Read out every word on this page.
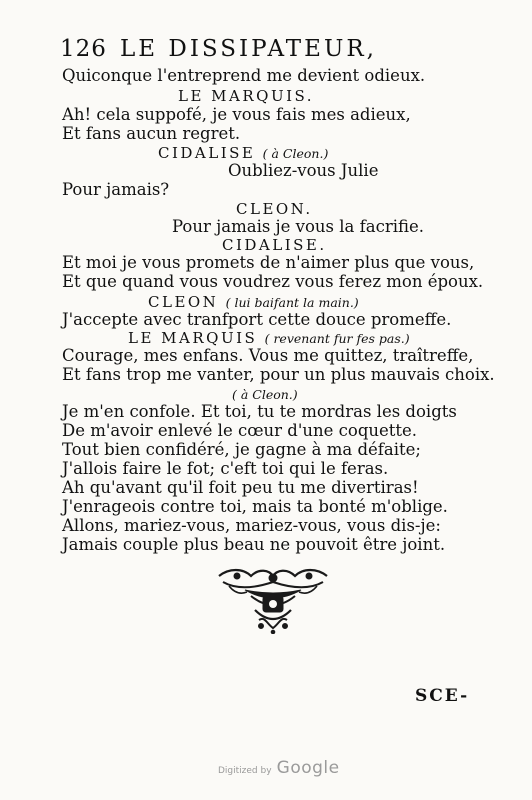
126 LE DISSIPATEUR,
Quiconque l'entreprend me devient odieux.
LE MARQUIS.
Ah! cela suppofé, je vous fais mes adieux,
Et fans aucun regret.
CIDALISE ( à Cleon.)
Oubliez-vous Julie
Pour jamais?
CLEON.
Pour jamais je vous la facrifie.
CIDALISE.
Et moi je vous promets de n'aimer plus que vous,
Et que quand vous voudrez vous ferez mon époux.
CLEON ( lui baifant la main.)
J'accepte avec tranfport cette douce promeffe.
LE MARQUIS ( revenant fur fes pas.)
Courage, mes enfans. Vous me quittez, traîtreffe,
Et fans trop me vanter, pour un plus mauvais choix.
( à Cleon.)
Je m'en confole. Et toi, tu te mordras les doigts
De m'avoir enlevé le cœur d'une coquette.
Tout bien confidéré, je gagne à ma défaite;
J'allois faire le fot; c'eft toi qui le feras.
Ah qu'avant qu'il foit peu tu me divertiras!
J'enrageois contre toi, mais ta bonté m'oblige.
Allons, mariez-vous, mariez-vous, vous dis-je:
Jamais couple plus beau ne pouvoit être joint.
SCE-
Digitized by Google
